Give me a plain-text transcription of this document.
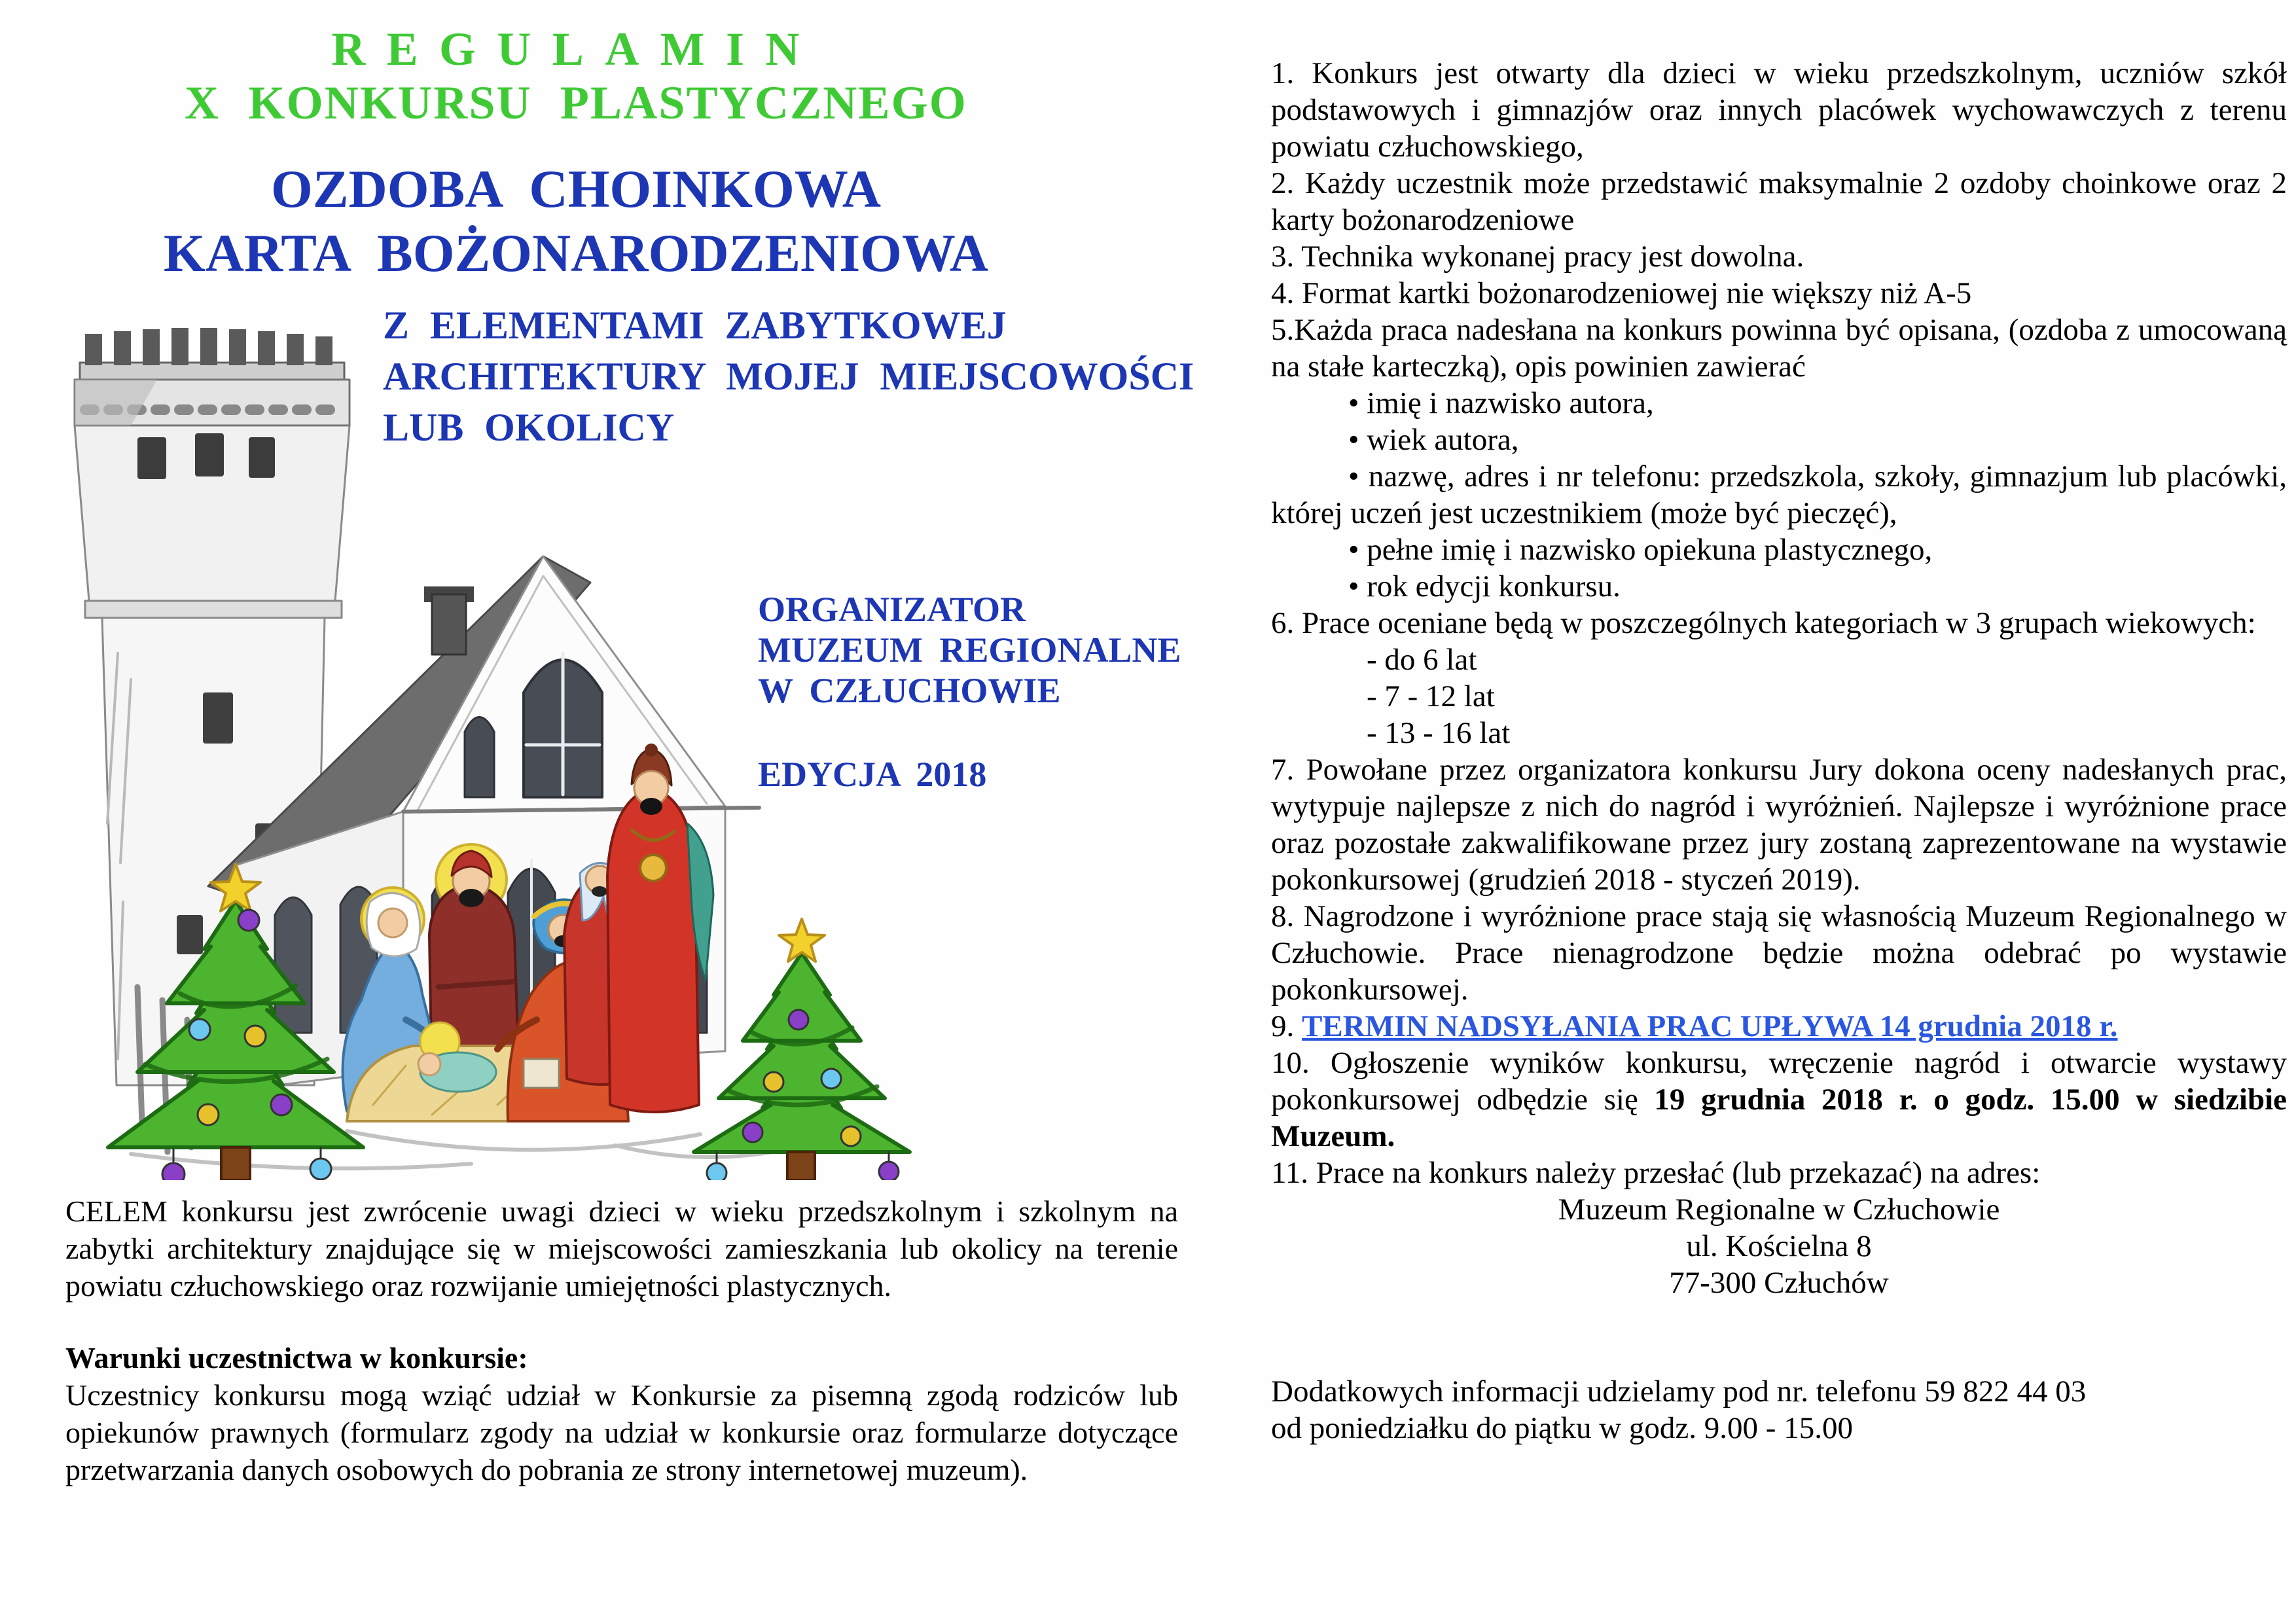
REGULAMIN
X KONKURSU PLASTYCZNEGO
OZDOBA CHOINKOWA
KARTA BOŻONARODZENIOWA
Z ELEMENTAMI ZABYTKOWEJ
ARCHITEKTURY MOJEJ MIEJSCOWOŚCI
LUB OKOLICY
ORGANIZATOR
MUZEUM REGIONALNE
W CZŁUCHOWIE
EDYCJA 2018

CELEM konkursu jest zwrócenie uwagi dzieci w wieku przedszkolnym i szkolnym na zabytki architektury znajdujące się w miejscowości zamieszkania lub okolicy na terenie powiatu człuchowskiego oraz rozwijanie umiejętności plastycznych.

Warunki uczestnictwa w konkursie:

Uczestnicy konkursu mogą wziąć udział w Konkursie za pisemną zgodą rodziców lub opiekunów prawnych (formularz zgody na udział w konkursie oraz formularze dotyczące przetwarzania danych osobowych do pobrania ze strony internetowej muzeum).

1. Konkurs jest otwarty dla dzieci w wieku przedszkolnym, uczniów szkół podstawowych i gimnazjów oraz innych placówek wychowawczych z terenu powiatu człuchowskiego,

2. Każdy uczestnik może przedstawić maksymalnie 2 ozdoby choinkowe oraz 2 karty bożonarodzeniowe

3. Technika wykonanej pracy jest dowolna.

4. Format kartki bożonarodzeniowej nie większy niż A-5

5.Każda praca nadesłana na konkurs powinna być opisana, (ozdoba z umocowaną na stałe karteczką), opis powinien zawierać

• imię i nazwisko autora,

• wiek autora,

• nazwę, adres i nr telefonu: przedszkola, szkoły, gimnazjum lub placówki, której uczeń jest uczestnikiem (może być pieczęć),

• pełne imię i nazwisko opiekuna plastycznego,

• rok edycji konkursu.

6. Prace oceniane będą w poszczególnych kategoriach w 3 grupach wiekowych:

- do 6 lat

- 7 - 12 lat

- 13 - 16 lat

7. Powołane przez organizatora konkursu Jury dokona oceny nadesłanych prac, wytypuje najlepsze z nich do nagród i wyróżnień. Najlepsze i wyróżnione prace oraz pozostałe zakwalifikowane przez jury zostaną zaprezentowane na wystawie pokonkursowej (grudzień 2018 - styczeń 2019).

8. Nagrodzone i wyróżnione prace stają się własnością Muzeum Regionalnego w Człuchowie. Prace nienagrodzone będzie można odebrać po wystawie pokonkursowej.

9. TERMIN NADSYŁANIA PRAC UPŁYWA 14 grudnia 2018 r.

10. Ogłoszenie wyników konkursu, wręczenie nagród i otwarcie wystawy pokonkursowej odbędzie się 19 grudnia 2018 r. o godz. 15.00 w siedzibie Muzeum.

11. Prace na konkurs należy przesłać (lub przekazać) na adres:

Muzeum Regionalne w Człuchowie

ul. Kościelna 8

77-300 Człuchów

Dodatkowych informacji udzielamy pod nr. telefonu 59 822 44 03

od poniedziałku do piątku w godz. 9.00 - 15.00
